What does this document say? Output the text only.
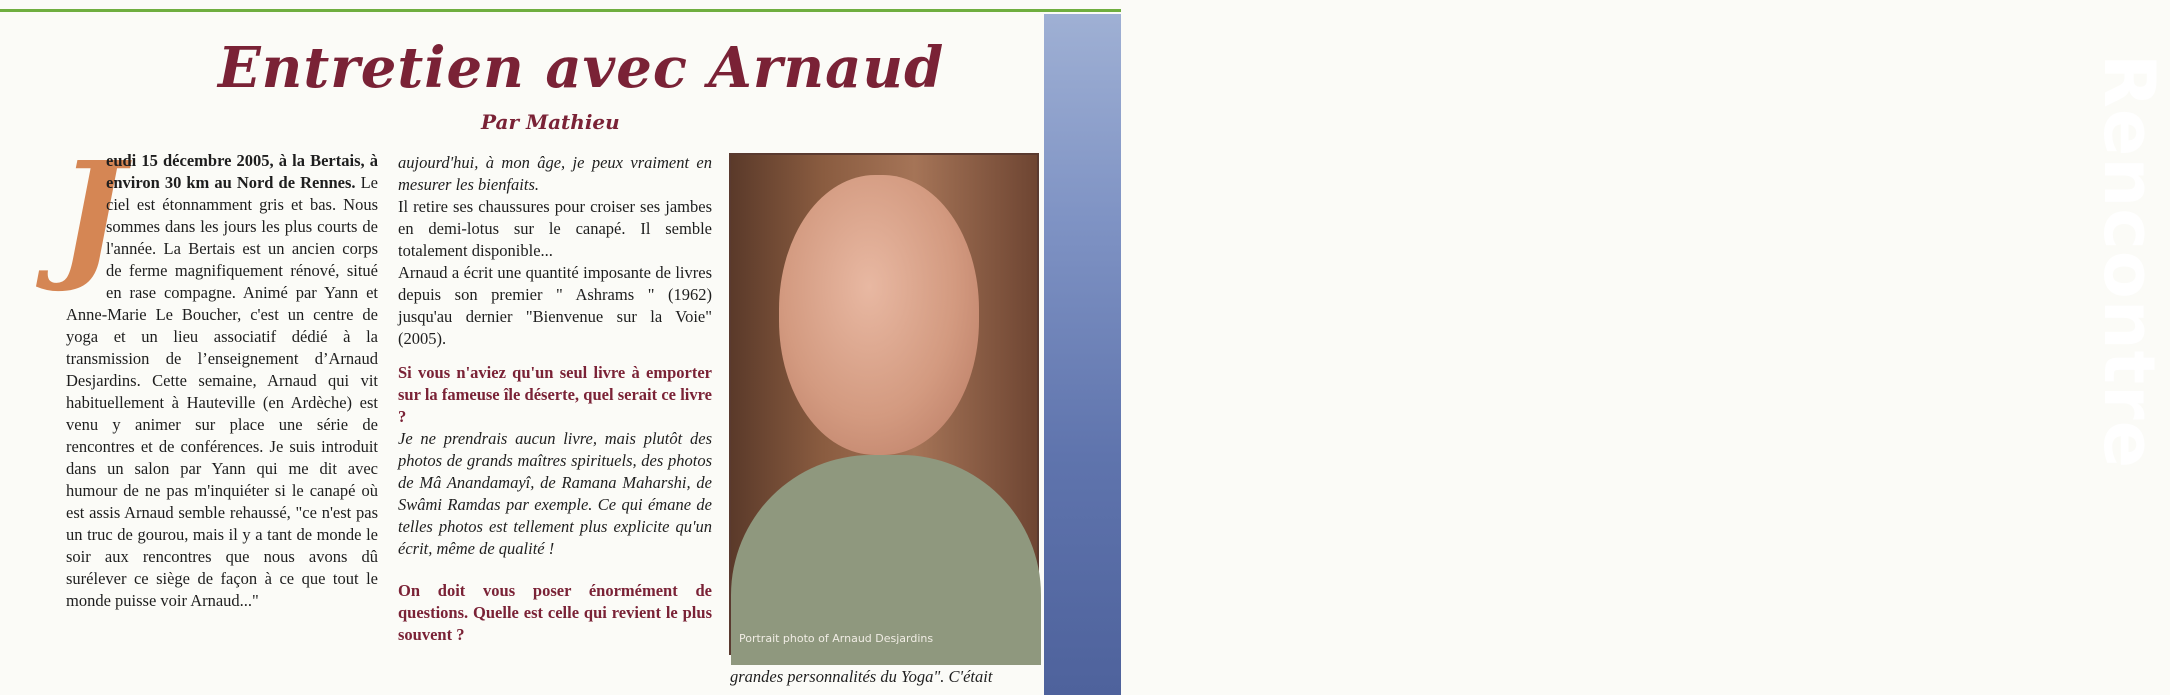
Rencontre
Entretien avec Arnaud
Par Mathieu

J
eudi 15 décembre 2005, à la Bertais, à environ 30 km au Nord de Rennes. Le ciel est étonnamment gris et bas. Nous sommes dans les jours les plus courts de l'année. La Bertais est un ancien corps de ferme magnifiquement rénové, situé en rase compagne. Animé par Yann et Anne-Marie Le Boucher, c'est un centre de yoga et un lieu associatif dédié à la transmission de l’enseignement d’Arnaud Desjardins. Cette semaine, Arnaud qui vit habituellement à Hauteville (en Ardèche) est venu y animer sur place une série de rencontres et de conférences. Je suis introduit dans un salon par Yann qui me dit avec humour de ne pas m'inquiéter si le canapé où est assis Arnaud semble rehaussé, "ce n'est pas un truc de gourou, mais il y a tant de monde le soir aux rencontres que nous avons dû surélever ce siège de façon à ce que tout le monde puisse voir Arnaud..."

aujourd'hui, à mon âge, je peux vraiment en mesurer les bienfaits.

Il retire ses chaussures pour croiser ses jambes en demi-lotus sur le canapé. Il semble totalement disponible...

Arnaud a écrit une quantité imposante de livres depuis son premier " Ashrams " (1962) jusqu'au dernier "Bienvenue sur la Voie" (2005).

Si vous n'aviez qu'un seul livre à emporter sur la fameuse île déserte, quel serait ce livre ?

Je ne prendrais aucun livre, mais plutôt des photos de grands maîtres spirituels, des photos de Mâ Anandamayî, de Ramana Maharshi, de Swâmi Ramdas par exemple. Ce qui émane de telles photos est tellement plus explicite qu'un écrit, même de qualité !

On doit vous poser énormément de questions. Quelle est celle qui revient le plus souvent ?	Portrait photo of Arnaud Desjardins
grandes personnalités du Yoga". C'était
